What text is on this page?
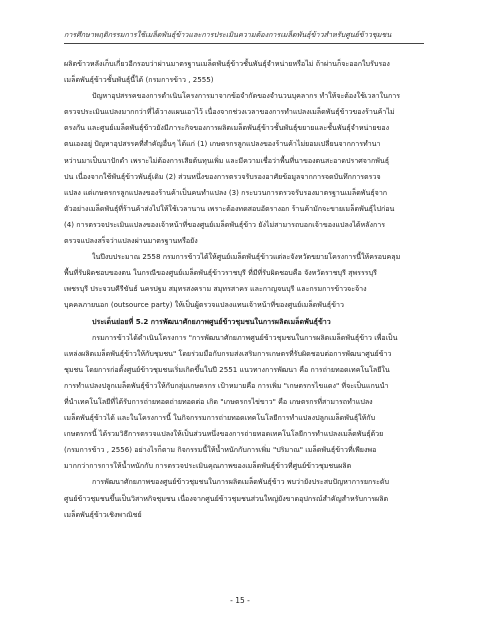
การศึกษาพฤติกรรมการใช้เมล็ดพันธุ์ข้าวและการประเมินความต้องการเมล็ดพันธุ์ข้าวสำหรับศูนย์ข้าวชุมชน
ผลิตข้าวหลังเก็บเกี่ยวอีกรอบว่าผ่านมาตรฐานเมล็ดพันธุ์ข้าวชั้นพันธุ์จำหน่ายหรือไม่ ถ้าผ่านก็จะออกใบรับรอง
เมล็ดพันธุ์ข้าวชั้นพันธุ์นี้ได้ (กรมการข้าว , 2555)
ปัญหาอุปสรรคของการดำเนินโครงการมาจากข้อจำกัดของจำนวนบุคลากร ทำให้จะต้องใช้เวลาในการ
ตรวจประเมินแปลงมากกว่าที่ได้วางแผนเอาไว้ เนื่องจากช่วงเวลาของการทำแปลงเมล็ดพันธุ์ข้าวของร้านค้าไม่
ตรงกัน และศูนย์เมล็ดพันธุ์ข้าวยังมีภาระกิจของการผลิตเมล็ดพันธุ์ข้าวชั้นพันธุ์ขยายและชั้นพันธุ์จำหน่ายของ
ตนเองอยู่ ปัญหาอุปสรรคที่สำคัญอื่นๆ ได้แก่ (1) เกษตรกรลูกแปลงของร้านค้าไม่ยอมเปลี่ยนจากการทำนา
หว่านมาเป็นนาปักดำ เพราะไม่ต้องการเสียต้นทุนเพิ่ม และมีความเชื่อว่าพื้นที่นาของตนสะอาดปราศจากพันธุ์
ปน เนื่องจากใช้พันธุ์ข้าวพันธุ์เดิม (2) ส่วนหนึ่งของการตรวจรับรองอาศัยข้อมูลจากการจดบันทึกการตรวจ
แปลง แต่เกษตรกรลูกแปลงของร้านค้าเป็นคนทำแปลง (3) กระบวนการตรวจรับรองมาตรฐานเมล็ดพันธุ์จาก
ตัวอย่างเมล็ดพันธุ์ที่ร้านค้าส่งไปให้ใช้เวลานาน เพราะต้องทดสอบอัตรางอก ร้านค้ามักจะขายเมล็ดพันธุ์ไปก่อน
(4) การตรวจประเมินแปลงของเจ้าหน้าที่ของศูนย์เมล็ดพันธุ์ข้าว ยังไม่สามารถบอกเจ้าของแปลงได้หลังการ
ตรวจแปลงสร็จว่าแปลงผ่านมาตรฐานหรือยัง
ในปีงบประมาณ 2558 กรมการข้าวได้ให้ศูนย์เมล็ดพันธุ์ข้าวแต่ละจังหวัดขยายโครงการนี้ให้ครอบคลุม
พื้นที่รับผิดชอบของตน ในกรณีของศูนย์เมล็ดพันธุ์ข้าวราชบุรี ที่มีที่รับผิดชอบคือ จังหวัดราชบุรี สุพรรรบุรี
เพชรบุรี ประจวบคีรีขันธ์ นครปฐม สมุทรสงคราม สมุทรสาคร และกาญจนบุรี และกรมการข้าวจะจ้าง
บุคคลภายนอก (outsource party) ให้เป็นผู้ตรวจแปลงแทนเจ้าหน้าที่ของศูนย์เมล็ดพันธุ์ข้าว
ประเด็นย่อยที่ 5.2 การพัฒนาศักยภาพศูนย์ข้าวชุมชนในการผลิตเมล็ดพันธุ์ข้าว
กรมการข้าวได้ดำเนินโครงการ "การพัฒนาศักยภาพศูนย์ข้าวชุมชนในการผลิตเมล็ดพันธุ์ข้าว เพื่อเป็น
แหล่งผลิตเมล็ดพันธุ์ข้าวให้กับชุมชน" โดยร่วมมือกับกรมส่งเสริมการเกษตรที่รับผิดชอบต่อการพัฒนาศูนย์ข้าว
ชุมชน โดยการก่อตั้งศูนย์ข้าวชุมชนเริ่มเกิดขึ้นในปี 2551 แนวทางการพัฒนา คือ การถ่ายทอดเทคโนโลยีใน
การทำแปลงปลูกเมล็ดพันธุ์ข้าวให้กับกลุ่มเกษตรกร เป้าหมายคือ การเพิ่ม "เกษตรกรไขแดง" ที่จะเป็นแกนนำ
ที่นำเทคโนโลยีที่ได้รับการถ่ายทอดถ่ายทอดต่อ เกิด "เกษตรกรไข่ขาว" คือ เกษตรกรที่สามารถทำแปลง
เมล็ดพันธุ์ข้าวได้ และในโครงการนี้ ในกิจกรรมการถ่ายทอดเทคโนโลยีการทำแปลงปลูกเมล็ดพันธุ์ให้กับ
เกษตรกรนี้ ได้รวมวิธีการตรวจแปลงให้เป็นส่วนหนึ่งของการถ่ายทอดเทคโนโลยีการทำแปลงเมล็ดพันธุ์ด้วย
(กรมการข้าว , 2556) อย่างไรก็ตาม กิจกรรมนี้ให้น้ำหนักกับการเพิ่ม "ปริมาณ" เมล็ดพันธุ์ข้าวที่เพียงพอ
มากกว่าการการให้น้ำหนักกับ การตรวจประเมินคุณภาพของเมล็ดพันธุ์ข้าวที่ศูนย์ข้าวชุมชนผลิต
การพัฒนาศักยภาพของศูนย์ข้าวชุมชนในการผลิตเมล็ดพันธุ์ข้าว พบว่ายังประสบปัญหาการยกระดับ
ศูนย์ข้าวชุมชนขึ้นเป็นวิสาหกิจชุมชน เนื่องจากศูนย์ข้าวชุมชนส่วนใหญ่ยังขาดอุปกรณ์สำคัญสำหรับการผลิต
เมล็ดพันธุ์ข้าวเชิงพาณิชย์
- 15 -
